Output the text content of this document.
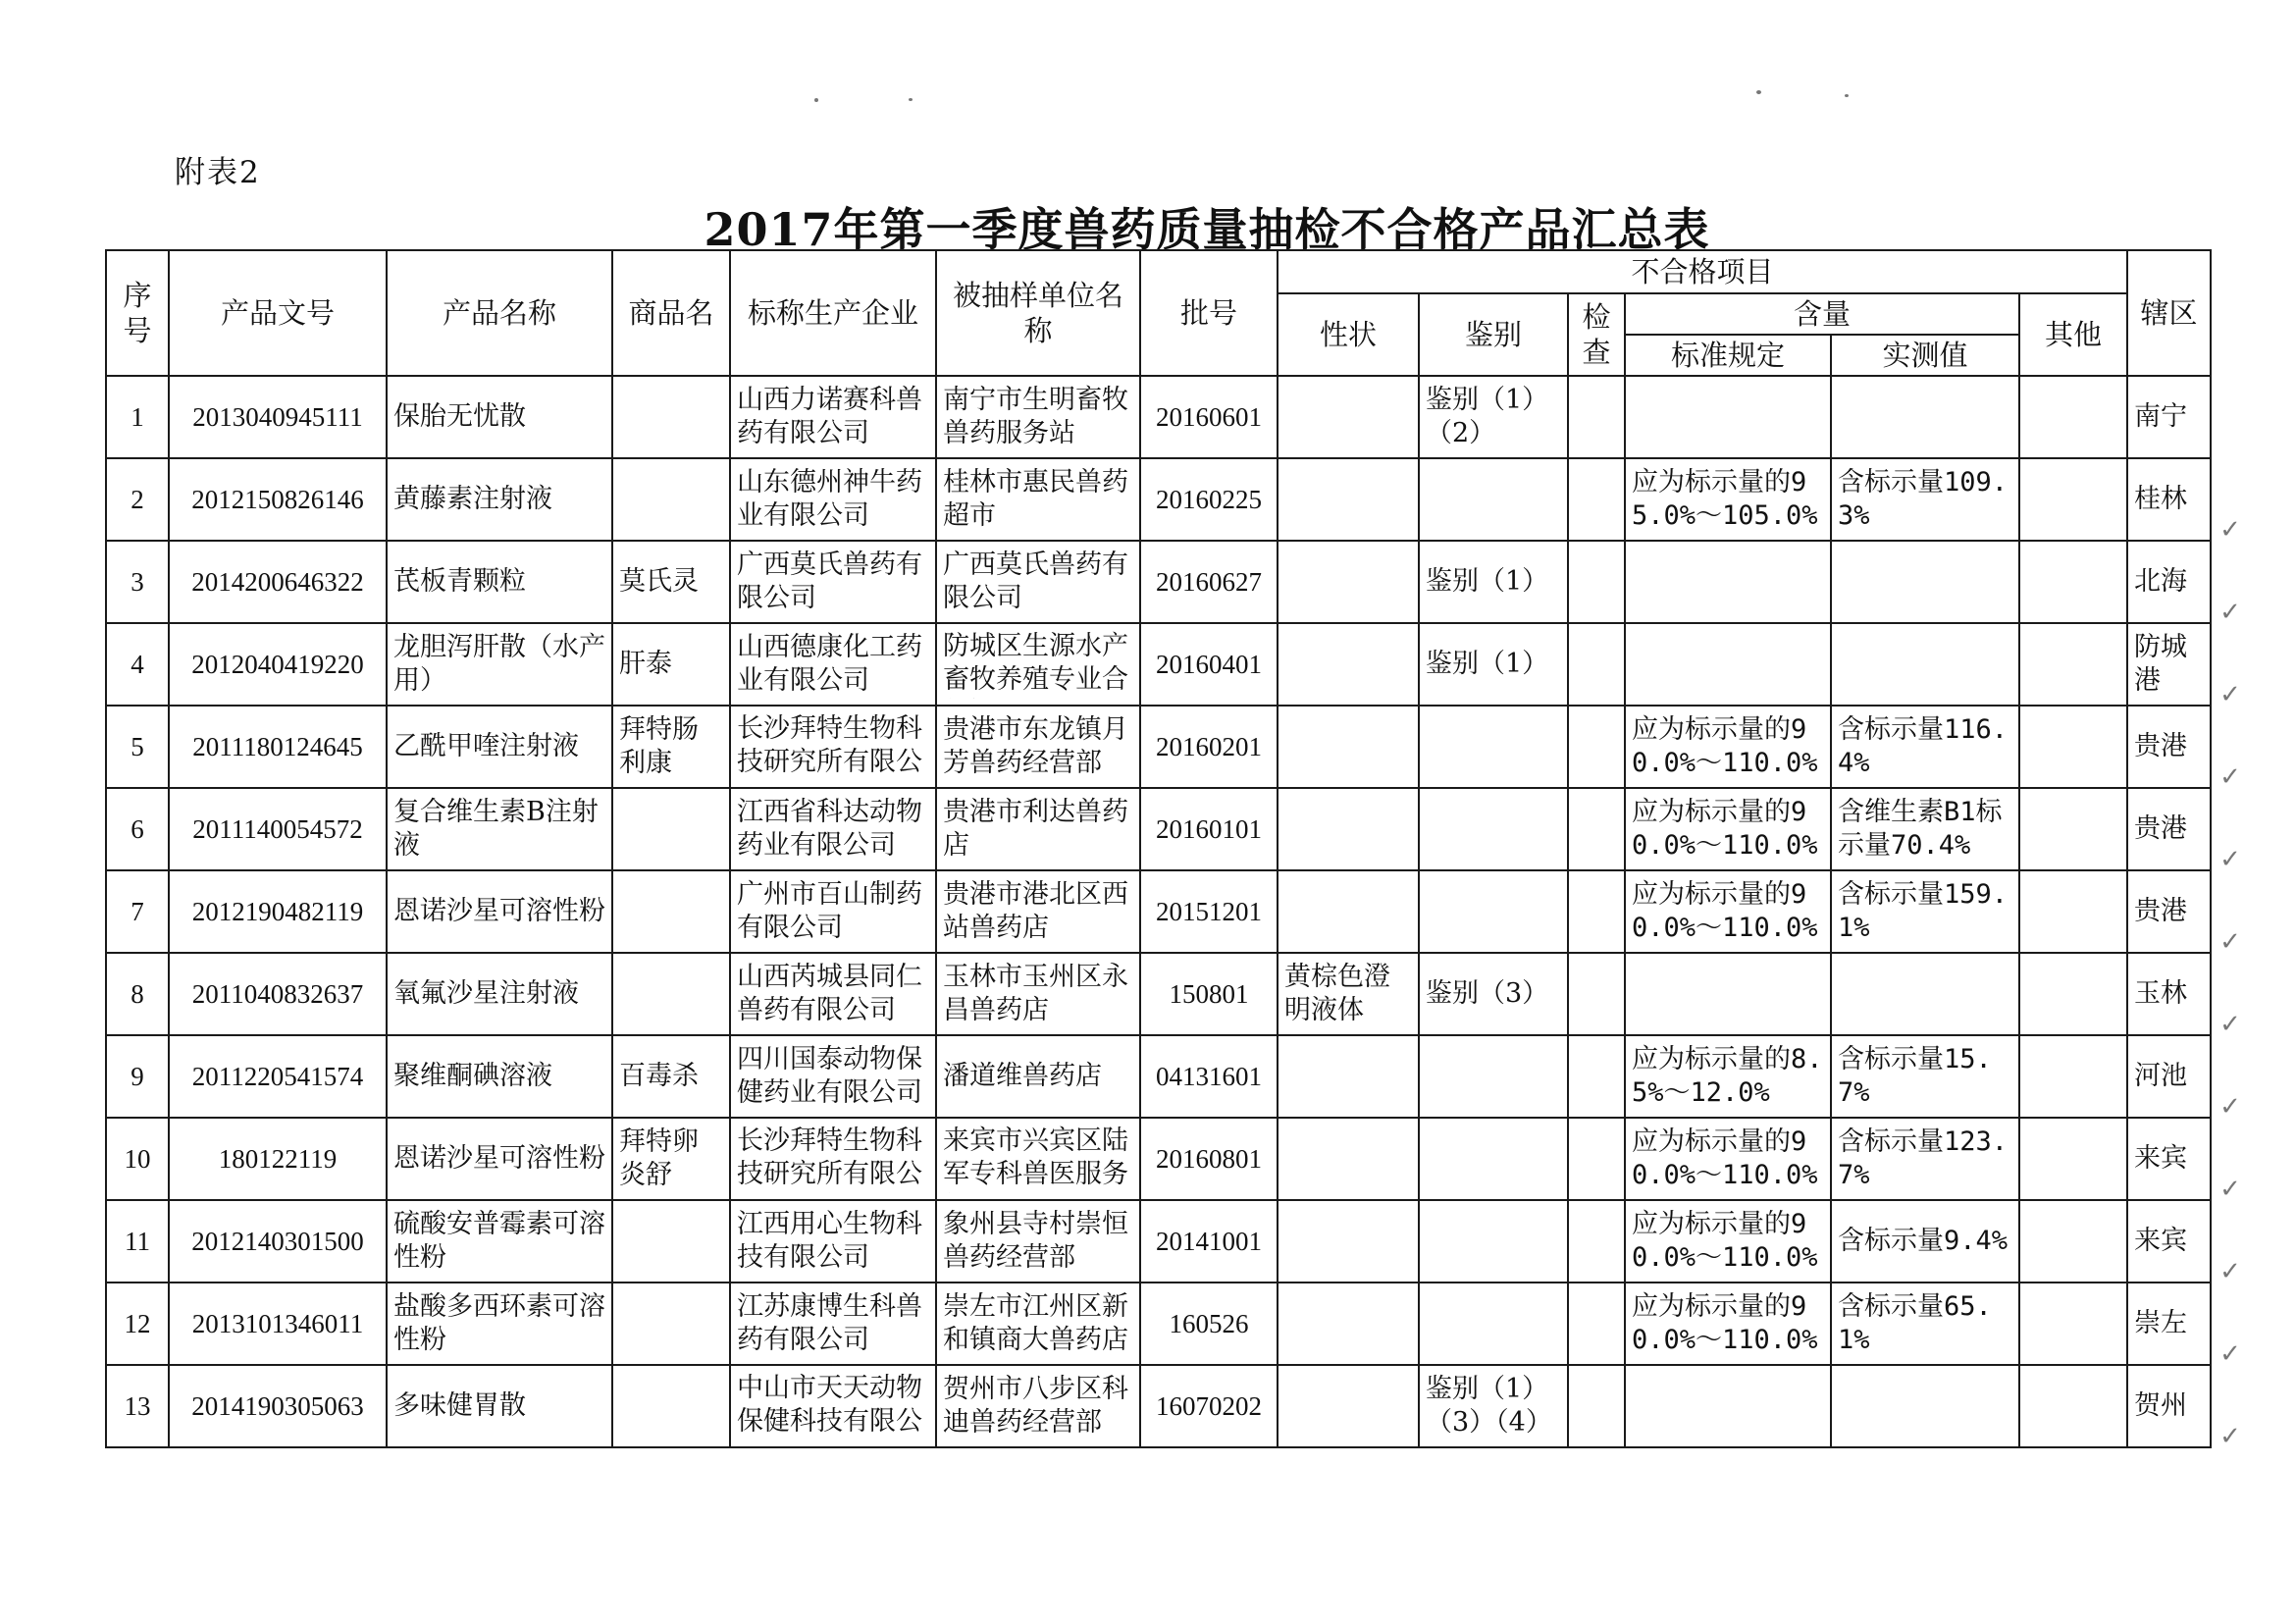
附表2
2017年第一季度兽药质量抽检不合格产品汇总表
序号	产品文号	产品名称	商品名	标称生产企业	被抽样单位名称	批号	不合格项目						辖区
							性状	鉴别	检查	含量		其他	
										标准规定	实测值		

1	2013040945111	保胎无忧散		山西力诺赛科兽药有限公司	南宁市生明畜牧兽药服务站	20160601		鉴别（1）（2）					南宁

2	2012150826146	黄藤素注射液		山东德州神牛药业有限公司	桂林市惠民兽药超市	20160225				应为标示量的95.0%～105.0%	含标示量109.3%		桂林

3	2014200646322	芪板青颗粒	莫氏灵	广西莫氏兽药有限公司	广西莫氏兽药有限公司	20160627		鉴别（1）					北海

4	2012040419220	龙胆泻肝散（水产用）	肝泰	山西德康化工药业有限公司	防城区生源水产畜牧养殖专业合	20160401		鉴别（1）					防城港

5	2011180124645	乙酰甲喹注射液	拜特肠利康	长沙拜特生物科技研究所有限公	贵港市东龙镇月芳兽药经营部	20160201				应为标示量的90.0%～110.0%	含标示量116.4%		贵港

6	2011140054572	复合维生素B注射液		江西省科达动物药业有限公司	贵港市利达兽药店	20160101				应为标示量的90.0%～110.0%	含维生素B1标示量70.4%		贵港

7	2012190482119	恩诺沙星可溶性粉		广州市百山制药有限公司	贵港市港北区西站兽药店	20151201				应为标示量的90.0%～110.0%	含标示量159.1%		贵港

8	2011040832637	氧氟沙星注射液		山西芮城县同仁兽药有限公司	玉林市玉州区永昌兽药店	150801	黄棕色澄明液体	鉴别（3）					玉林

9	2011220541574	聚维酮碘溶液	百毒杀	四川国泰动物保健药业有限公司	潘道维兽药店	04131601				应为标示量的8.5%～12.0%	含标示量15.7%		河池

10	180122119	恩诺沙星可溶性粉	拜特卵炎舒	长沙拜特生物科技研究所有限公	来宾市兴宾区陆军专科兽医服务	20160801				应为标示量的90.0%～110.0%	含标示量123.7%		来宾

11	2012140301500	硫酸安普霉素可溶性粉		江西用心生物科技有限公司	象州县寺村崇恒兽药经营部	20141001				应为标示量的90.0%～110.0%	含标示量9.4%		来宾

12	2013101346011	盐酸多西环素可溶性粉		江苏康博生科兽药有限公司	崇左市江州区新和镇商大兽药店	160526				应为标示量的90.0%～110.0%	含标示量65.1%		崇左

13	2014190305063	多味健胃散		中山市天天动物保健科技有限公	贺州市八步区科迪兽药经营部	16070202		鉴别（1）（3）（4）					贺州
✓
✓
✓
✓
✓
✓
✓
✓
✓
✓
✓
✓
